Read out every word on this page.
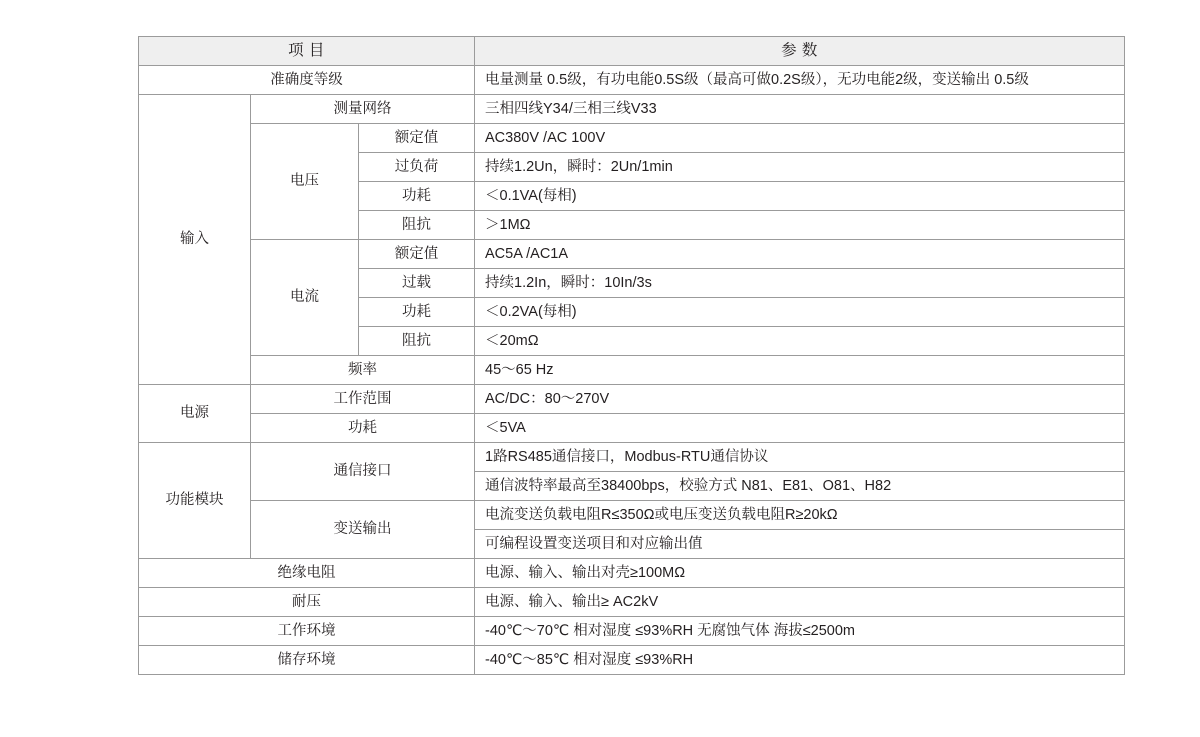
项 目			参 数
准确度等级			电量测量 0.5级，有功电能0.5S级（最高可做0.2S级），无功电能2级，变送输出 0.5级
输入	测量网络		三相四线Y34/三相三线V33
	电压	额定值	AC380V /AC 100V
		过负荷	持续1.2Un，瞬时：2Un/1min
		功耗	＜0.1VA(每相)
		阻抗	＞1MΩ
	电流	额定值	AC5A /AC1A
		过载	持续1.2In，瞬时：10In/3s
		功耗	＜0.2VA(每相)
		阻抗	＜20mΩ
	频率		45～65 Hz
电源	工作范围		AC/DC：80～270V
	功耗		＜5VA
功能模块	通信接口		1路RS485通信接口，Modbus-RTU通信协议
			通信波特率最高至38400bps，校验方式 N81、E81、O81、H82
	变送输出		电流变送负载电阻R≤350Ω或电压变送负载电阻R≥20kΩ
			可编程设置变送项目和对应输出值
绝缘电阻			电源、输入、输出对壳≥100MΩ
耐压			电源、输入、输出≥ AC2kV
工作环境			-40℃～70℃ 相对湿度 ≤93%RH 无腐蚀气体 海拔≤2500m
储存环境			-40℃～85℃ 相对湿度 ≤93%RH
